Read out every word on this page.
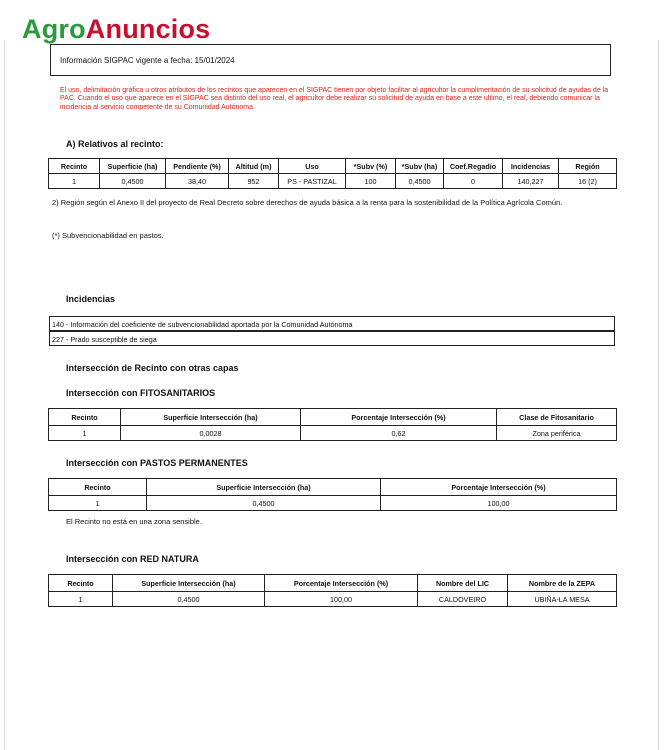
AgroAnuncios
Información SIGPAC vigente a fecha: 15/01/2024
El uso, delimitación gráfica u otros atributos de los recintos que aparecen en el SIGPAC tienen por objeto facilitar al agricultor la cumplimentación de su solicitud de ayudas de la PAC. Cuando el uso que aparece en el SIGPAC sea distinto del uso real, el agricultor debe realizar su solicitud de ayuda en base a este ultimo, el real, debiendo comunicar la incidencia al servicio competente de su Comunidad Autónoma.
A) Relativos al recinto:
Recinto	Superficie (ha)	Pendiente (%)	Altitud (m)	Uso	*Subv (%)	*Subv (ha)	Coef.Regadío	Incidencias	Región
1	0,4500	38,40	952	PS - PASTIZAL	100	0,4500	0	140,227	16 (2)
2) Región según el Anexo II del proyecto de Real Decreto sobre derechos de ayuda básica a la renta para la sostenibilidad de la Política Agrícola Común.
(*) Subvencionabilidad en pastos.
Incidencias
140 - Información del coeficiente de subvencionabilidad aportada por la Comunidad Autónoma
227 - Prado susceptible de siega
Intersección de Recinto con otras capas
Intersección con FITOSANITARIOS
Recinto	Superficie Intersección (ha)	Porcentaje Intersección (%)	Clase de Fitosanitario
1	0,0028	0,62	Zona periférica
Intersección con PASTOS PERMANENTES
Recinto	Superficie Intersección (ha)	Porcentaje Intersección (%)
1	0,4500	100,00
El Recinto no está en una zona sensible.
Intersección con RED NATURA
Recinto	Superficie Intersección (ha)	Porcentaje Intersección (%)	Nombre del LIC	Nombre de la ZEPA
1	0,4500	100,00	CALDOVEIRO	UBIÑA-LA MESA
